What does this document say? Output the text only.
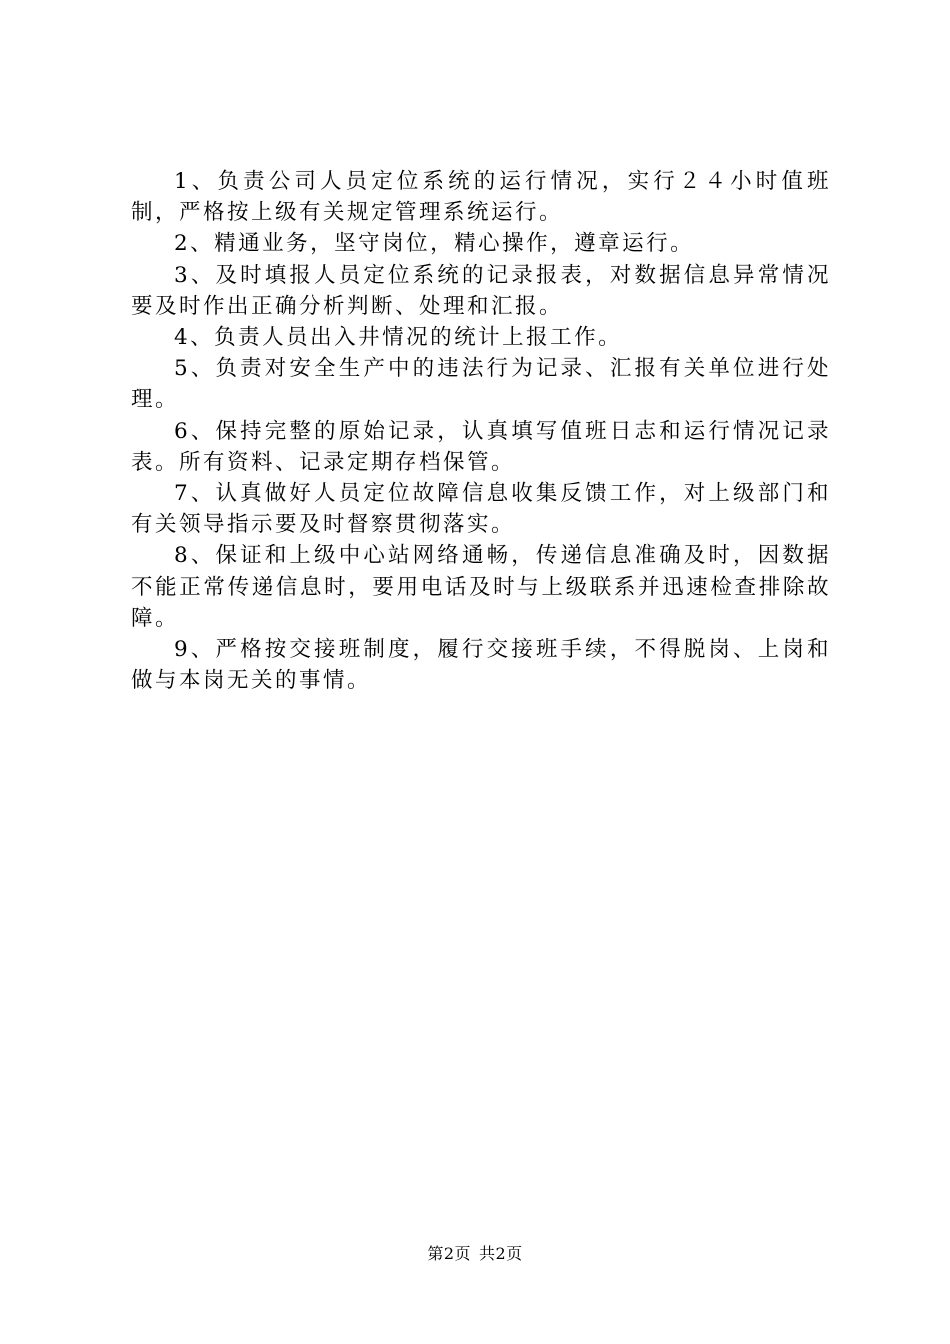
1、负责公司人员定位系统的运行情况，实行２４小时值班制，严格按上级有关规定管理系统运行。

2、精通业务，坚守岗位，精心操作，遵章运行。

3、及时填报人员定位系统的记录报表，对数据信息异常情况要及时作出正确分析判断、处理和汇报。

4、负责人员出入井情况的统计上报工作。

5、负责对安全生产中的违法行为记录、汇报有关单位进行处理。

6、保持完整的原始记录，认真填写值班日志和运行情况记录表。所有资料、记录定期存档保管。

7、认真做好人员定位故障信息收集反馈工作，对上级部门和有关领导指示要及时督察贯彻落实。

8、保证和上级中心站网络通畅，传递信息准确及时，因数据不能正常传递信息时，要用电话及时与上级联系并迅速检查排除故障。

9、严格按交接班制度，履行交接班手续，不得脱岗、上岗和做与本岗无关的事情。

第2页 共2页
